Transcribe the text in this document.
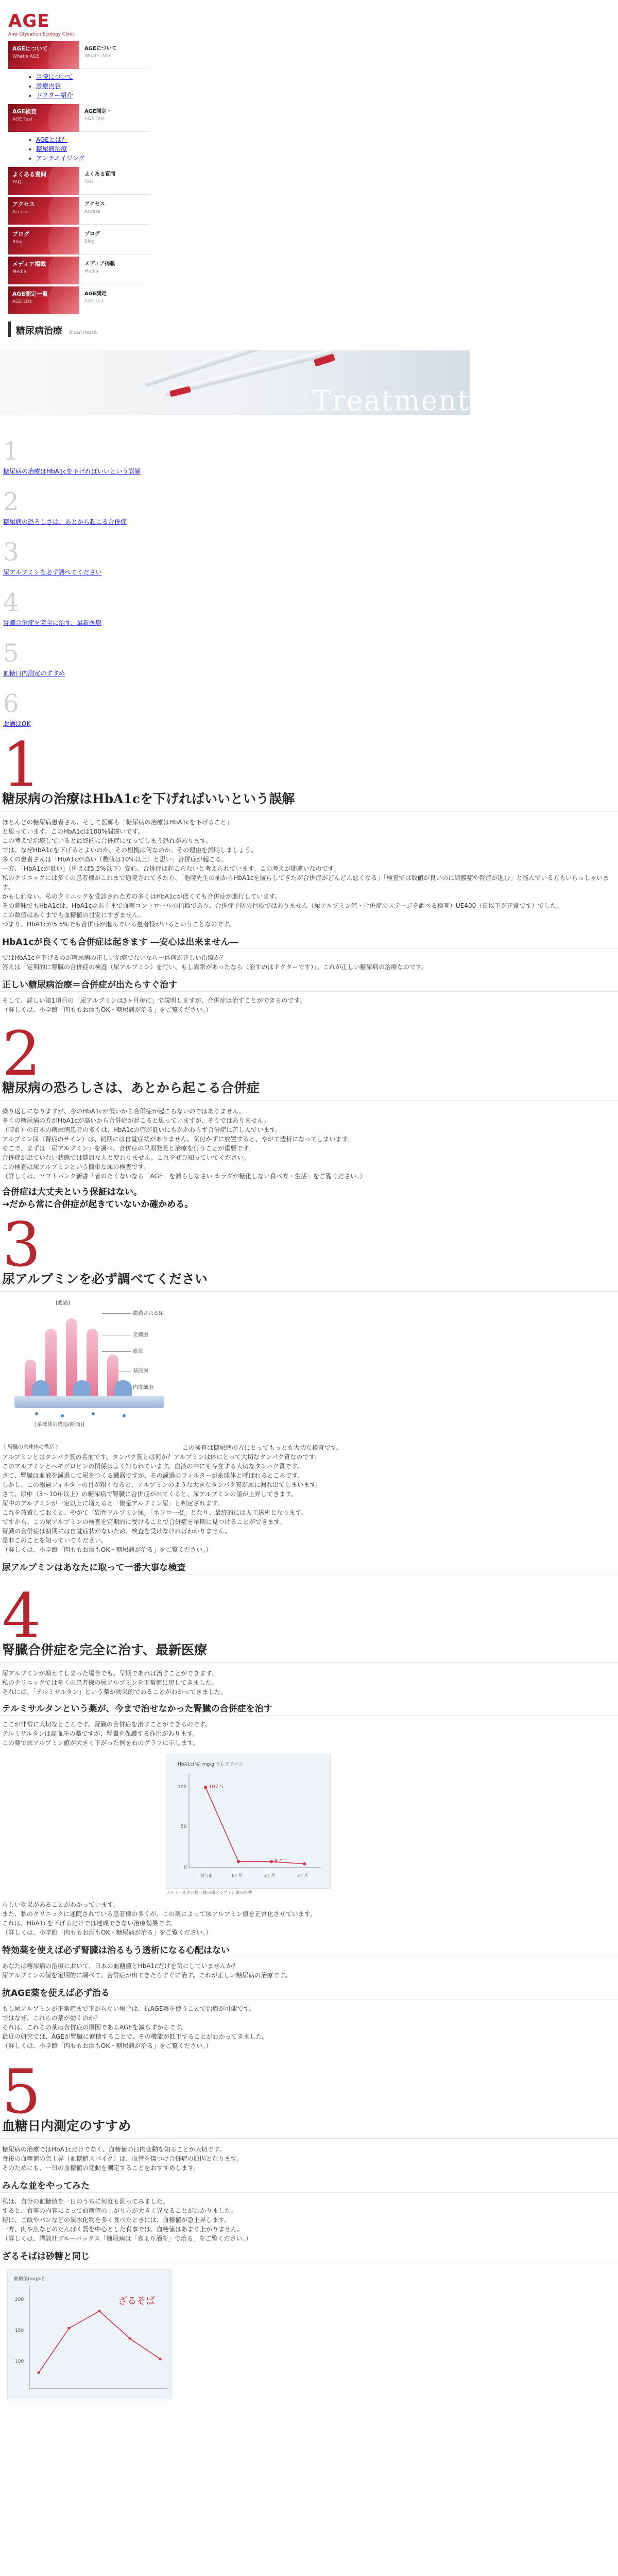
AGE
Anti-Glycation Ecology Clinic
AGEについて
What's AGE
AGEについて
What's AGE
• 当院について
• 診療内容
• ドクター紹介
AGE検査
AGE Test
AGE測定・
AGE Test
• AGEとは？
• 糖尿病治療
• アンチエイジング
よくある質問
FAQ
よくある質問
FAQ
アクセス
Access
アクセス
Access
ブログ
Blog
ブログ
Blog
メディア掲載
Media
メディア掲載
Media
AGE測定一覧
AGE List
AGE測定
AGE List
糖尿病治療 Treatment
Treatment
1
糖尿病の治療はHbA1cを下げればいいという誤解
2
糖尿病の恐ろしさは、あとから起こる合併症
3
尿アルブミンを必ず調べてください
4
腎臓合併症を完全に治す、最新医療
5
血糖日内測定のすすめ
6
お酒はOK
1
糖尿病の治療はHbA1cを下げればいいという誤解

ほとんどの糖尿病患者さん、そして医師も「糖尿病の治療はHbA1cを下げること」

と思っています。このHbA1cは100%間違いです。

この考えで治療していると最終的に合併症になってしまう恐れがあります。

では、なぜHbA1cを下げるとよいのか、その根拠は何なのか。その理由を説明しましょう。

多くの患者さんは「HbA1cが高い（数値は10%以上）と思い」合併症が起こる。

一方、「HbA1cが低い」（例えば5.5%以下）安心、合併症は起こらないと考えられています。この考えが間違いなのです。

私のクリニックには多くの患者様がこれまで通院されてきた方、「他院先生の前からHbA1cを減らしてきたが合併症がどんどん悪くなる」「検査では数値が良いのに網膜症や腎症が進む」と悩んでいる方もいらっしゃいます。

かもしれない。私のクリニックを受診された方の多くはHbA1cが低くても合併症が進行しています。

その意味でもHbA1cは、HbA1cはあくまで血糖コントロールの指標であり、合併症予防の目標ではありません（尿アルブミン値・合併症のステージを調べる検査）UE400（日以下が正常です）でした。

この数値はあくまでも血糖値の目安にすぎません。

つまり、HbA1cが5.5%でも合併症が進んでいる患者様がいるということなのです。

HbA1cが良くても合併症は起きます ―安心は出来ません―

ではHbA1cを下げるのが糖尿病の正しい治療でないなら一体何が正しい治療か？

答えは「定期的に腎臓の合併症の検査（尿アルブミン）を行い、もし異常があったなら（治すのはドクターです）」。これが正しい糖尿病の治療なのです。

正しい糖尿病治療＝合併症が出たらすぐ治す

そして、詳しい第1項目の「尿アルブミンは3ヶ月毎に」で説明しますが、合併症は治すことができるのです。

（詳しくは、小学館「肉ももお酒もOK・糖尿病が治る」をご覧ください。）

2
糖尿病の恐ろしさは、あとから起こる合併症

繰り返しになりますが、今のHbA1cが低いから合併症が起こらないのではありません。

多くの糖尿病の方がHbA1cが高いから合併症が起こると思っていますが、そうではありません。

（時計）の日本の糖尿病患者の多くは、HbA1cの値が低いにもかかわらず合併症に苦しんでいます。

アルブミン尿（腎症のサイン）は、初期には自覚症状がありません。気付かずに放置すると、やがて透析になってしまいます。

そこで、まずは「尿アルブミン」を調べ、合併症の早期発見と治療を行うことが重要です。

合併症が出ていない状態では健康な人と変わりません。これをぜひ知っていてください。

この検査は尿アルブミンという簡単な尿の検査です。

（詳しくは、ソフトバンク新書「者のたくないなら「AGE」を減らしなさい カラダが糖化しない食べ方・生活」をご覧ください。）

合併症は大丈夫という保証はない。

→だから常に合併症が起きていないか確かめる。

3
尿アルブミンを必ず調べてください
[濾過]
濾過される尿
足細胞
血管
基底膜
内皮細胞
[糸球体の構造(断面)]
[ 腎臓の糸球体の構造 ]	この検査は糖尿病の方にとってもっとも大切な検査です。

アルブミンとはタンパク質の名前です。タンパク質とは何か？アルブミンは体にとって大切なタンパク質なのです。

このアルブミンとヘモグロビンの関係はよく知られています。血液の中にも存在する大切なタンパク質です。

さて、腎臓は血液を濾過して尿をつくる臓器ですが、その濾過のフィルターが糸球体と呼ばれるところです。

しかし、この濾過フィルターの目が粗くなると、アルブミンのような大きなタンパク質が尿に漏れ出てしまいます。

さて、尿中（3〜10年以上）の糖尿病で腎臓に合併症が出てくると、尿アルブミンの値が上昇してきます。

尿中のアルブミンが一定以上に増えると「微量アルブミン尿」と判定されます。

これを放置しておくと、やがて「顕性アルブミン尿」「ネフローゼ」となり、最終的には人工透析となります。

ですから、この尿アルブミンの検査を定期的に受けることで合併症を早期に見つけることができます。

腎臓の合併症は初期には自覚症状がないため、検査を受けなければわかりません。

是非このことを知っていてください。

（詳しくは、小学館「肉ももお酒もOK・糖尿病が治る」をご覧ください。）

尿アルブミンはあなたに取って一番大事な検査
4
腎臓合併症を完全に治す、最新医療

尿アルブミンが増えてしまった場合でも、早期であれば治すことができます。

私のクリニックでは多くの患者様の尿アルブミンを正常値に戻してきました。

それには、「テルミサルタン」という薬が効果的であることがわかってきました。

テルミサルタンという薬が、今まで治せなかった腎臓の合併症を治す

ここが非常に大切なところです。腎臓の合併症を治すことができるのです。

テルミサルタンは高血圧の薬ですが、腎臓を保護する作用があります。

この薬で尿アルブミン値が大きく下がった例を右のグラフに示します。

HbA1c(%) mg/g クレアチニン
100
50
0
107.5
8.0
投与前	1ヶ月	2ヶ月	3ヶ月
テルミサルタン投与後の尿アルブミン値の推移

らしい効果があることがわかっています。

また、私のクリニックに通院されている患者様の多くが、この薬によって尿アルブミン値を正常化させています。

これは、HbA1cを下げるだけでは達成できない治療効果です。

（詳しくは、小学館「肉ももお酒もOK・糖尿病が治る」をご覧ください。）

特効薬を使えば必ず腎臓は治るもう透析になる心配はない

あなたは糖尿病の治療において、日本の血糖値とHbA1cだけを気にしていませんか？

尿アルブミンの値を定期的に調べて、合併症が出てきたらすぐに治す。これが正しい糖尿病の治療です。

抗AGE薬を使えば必ず治る

もし尿アルブミンが正常値まで下がらない場合は、抗AGE薬を使うことで治療が可能です。

ではなぜ、これらの薬が効くのか？

それは、これらの薬は合併症の原因であるAGEを減らすからです。

最近の研究では、AGEが腎臓に蓄積することで、その機能が低下することがわかってきました。

（詳しくは、小学館「肉ももお酒もOK・糖尿病が治る」をご覧ください。）

5
血糖日内測定のすすめ

糖尿病の治療ではHbA1cだけでなく、血糖値の日内変動を知ることが大切です。

食後の血糖値の急上昇（血糖値スパイク）は、血管を傷つけ合併症の原因となります。

そのためにも、一日の血糖値の変動を測定することをおすすめします。

みんな並をやってみた

私は、自分の血糖値を一日のうちに何度も測ってみました。

すると、食事の内容によって血糖値の上がり方が大きく異なることがわかりました。

特に、ご飯やパンなどの炭水化物を多く食べたときには、血糖値が急上昇します。

一方、肉や魚などのたんぱく質を中心とした食事では、血糖値はあまり上がりません。

（詳しくは、講談社ブルーバックス「糖尿病は「食より酒を」で治る」をご覧ください。）

ざるそばは砂糖と同じ
血糖値(mg/dl)
200
150
100
ざるそば
